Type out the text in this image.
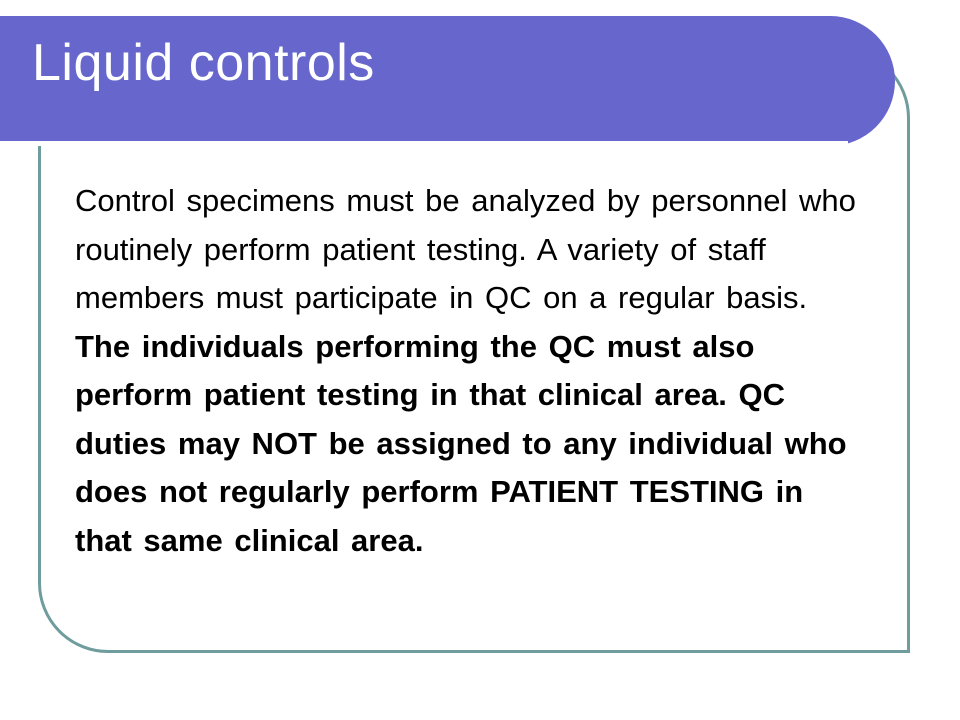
Liquid controls

Control specimens must be analyzed by personnel who routinely perform patient testing. A variety of staff members must participate in QC on a regular basis. The individuals performing the QC must also perform patient testing in that clinical area. QC duties may NOT be assigned to any individual who does not regularly perform PATIENT TESTING in that same clinical area.
